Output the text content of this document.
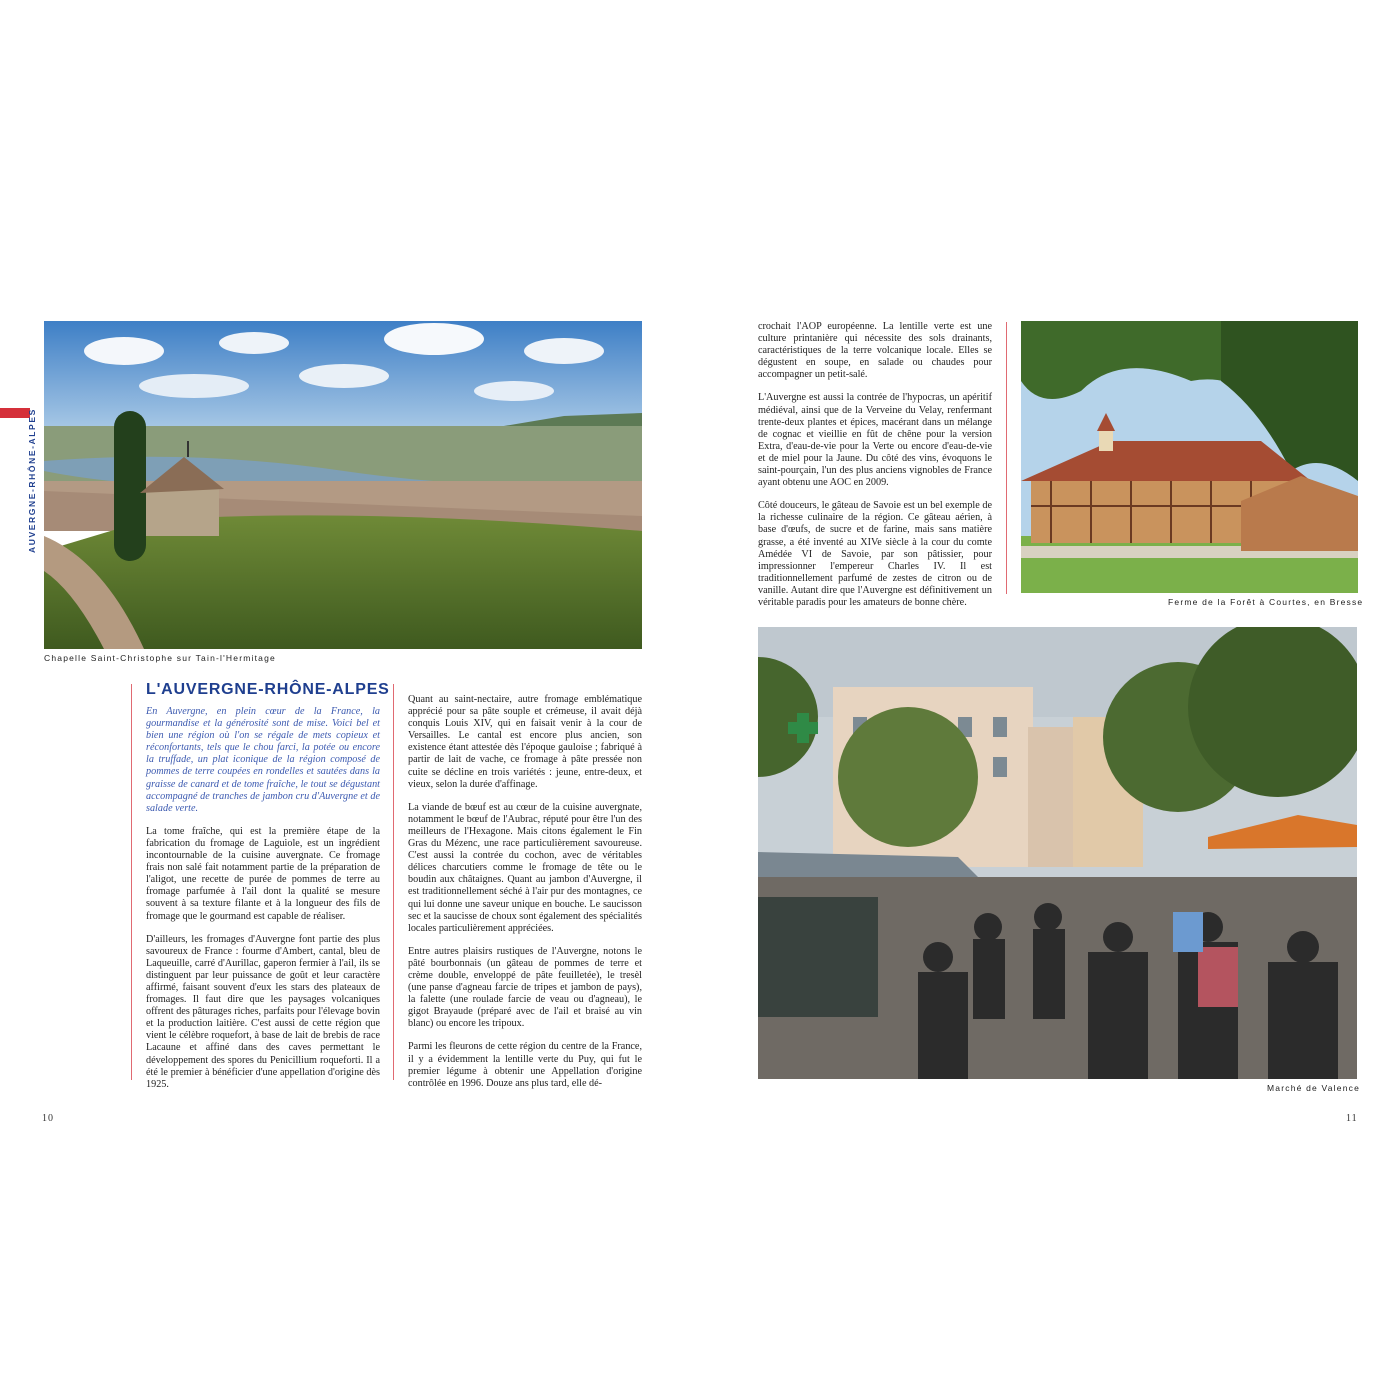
AUVERGNE-RHÔNE-ALPES
Chapelle Saint-Christophe sur Tain-l'Hermitage
Ferme de la Forêt à Courtes, en Bresse
Marché de Valence
L'AUVERGNE-RHÔNE-ALPES

En Auvergne, en plein cœur de la France, la gourmandise et la générosité sont de mise. Voici bel et bien une région où l'on se régale de mets copieux et réconfortants, tels que le chou farci, la potée ou encore la truffade, un plat iconique de la région composé de pommes de terre coupées en rondelles et sautées dans la graisse de canard et de tome fraîche, le tout se dégustant accompagné de tranches de jambon cru d'Auvergne et de salade verte.

La tome fraîche, qui est la première étape de la fabrication du fromage de Laguiole, est un ingrédient incontournable de la cuisine auvergnate. Ce fromage frais non salé fait notamment partie de la préparation de l'aligot, une recette de purée de pommes de terre au fromage parfumée à l'ail dont la qualité se mesure souvent à sa texture filante et à la longueur des fils de fromage que le gourmand est capable de réaliser.

D'ailleurs, les fromages d'Auvergne font partie des plus savoureux de France : fourme d'Ambert, cantal, bleu de Laqueuille, carré d'Aurillac, gaperon fermier à l'ail, ils se distinguent par leur puissance de goût et leur caractère affirmé, faisant souvent d'eux les stars des plateaux de fromages. Il faut dire que les paysages volcaniques offrent des pâturages riches, parfaits pour l'élevage bovin et la production laitière. C'est aussi de cette région que vient le célèbre roquefort, à base de lait de brebis de race Lacaune et affiné dans des caves permettant le développement des spores du Penicillium roqueforti. Il a été le premier à bénéficier d'une appellation d'origine dès 1925.

Quant au saint-nectaire, autre fromage emblématique apprécié pour sa pâte souple et crémeuse, il avait déjà conquis Louis XIV, qui en faisait venir à la cour de Versailles. Le cantal est encore plus ancien, son existence étant attestée dès l'époque gauloise ; fabriqué à partir de lait de vache, ce fromage à pâte pressée non cuite se décline en trois variétés : jeune, entre-deux, et vieux, selon la durée d'affinage.

La viande de bœuf est au cœur de la cuisine auvergnate, notamment le bœuf de l'Aubrac, réputé pour être l'un des meilleurs de l'Hexagone. Mais citons également le Fin Gras du Mézenc, une race particulièrement savoureuse. C'est aussi la contrée du cochon, avec de véritables délices charcutiers comme le fromage de tête ou le boudin aux châtaignes. Quant au jambon d'Auvergne, il est traditionnellement séché à l'air pur des montagnes, ce qui lui donne une saveur unique en bouche. Le saucisson sec et la saucisse de choux sont également des spécialités locales particulièrement appréciées.

Entre autres plaisirs rustiques de l'Auvergne, notons le pâté bourbonnais (un gâteau de pommes de terre et crème double, enveloppé de pâte feuilletée), le tresèl (une panse d'agneau farcie de tripes et jambon de pays), la falette (une roulade farcie de veau ou d'agneau), le gigot Brayaude (préparé avec de l'ail et braisé au vin blanc) ou encore les tripoux.

Parmi les fleurons de cette région du centre de la France, il y a évidemment la lentille verte du Puy, qui fut le premier légume à obtenir une Appellation d'origine contrôlée en 1996. Douze ans plus tard, elle dé-

crochait l'AOP européenne. La lentille verte est une culture printanière qui nécessite des sols drainants, caractéristiques de la terre volcanique locale. Elles se dégustent en soupe, en salade ou chaudes pour accompagner un petit-salé.

L'Auvergne est aussi la contrée de l'hypocras, un apéritif médiéval, ainsi que de la Verveine du Velay, renfermant trente-deux plantes et épices, macérant dans un mélange de cognac et vieillie en fût de chêne pour la version Extra, d'eau-de-vie pour la Verte ou encore d'eau-de-vie et de miel pour la Jaune. Du côté des vins, évoquons le saint-pourçain, l'un des plus anciens vignobles de France ayant obtenu une AOC en 2009.

Côté douceurs, le gâteau de Savoie est un bel exemple de la richesse culinaire de la région. Ce gâteau aérien, à base d'œufs, de sucre et de farine, mais sans matière grasse, a été inventé au XIVe siècle à la cour du comte Amédée VI de Savoie, par son pâtissier, pour impressionner l'empereur Charles IV. Il est traditionnellement parfumé de zestes de citron ou de vanille. Autant dire que l'Auvergne est définitivement un véritable paradis pour les amateurs de bonne chère.

10	11
